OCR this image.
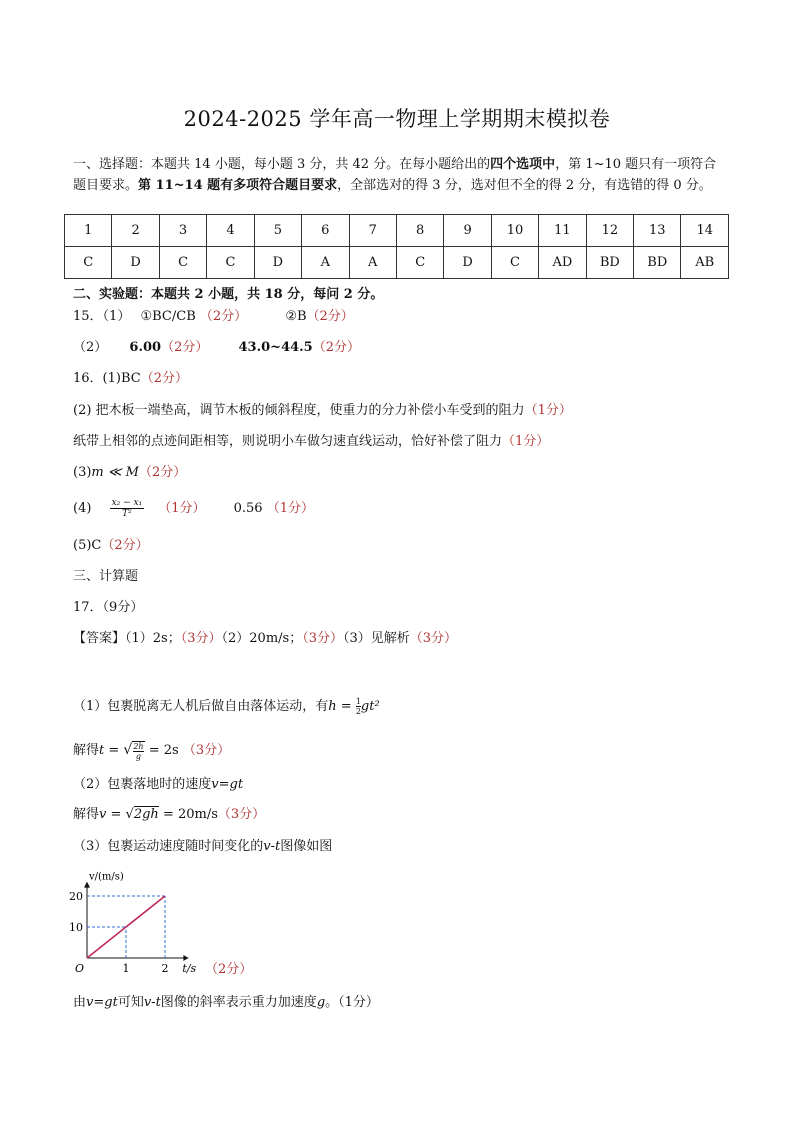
2024-2025 学年高一物理上学期期末模拟卷
一、选择题：本题共 14 小题，每小题 3 分，共 42 分。在每小题给出的四个选项中，第 1~10 题只有一项符合题目要求。第 11~14 题有多项符合题目要求，全部选对的得 3 分，选对但不全的得 2 分，有选错的得 0 分。
1	2	3	4	5	6	7	8	9	10	11	12	13	14
C	D	C	C	D	A	A	C	D	C	AD	BD	BD	AB
二、实验题：本题共 2 小题，共 18 分，每问 2 分。
15．（1） ①BC/CB （2分）	②B（2分）
（2） 6.00（2分） 43.0~44.5（2分）
16．(1)BC（2分）
(2) 把木板一端垫高，调节木板的倾斜程度，使重力的分力补偿小车受到的阻力（1分）
纸带上相邻的点迹间距相等，则说明小车做匀速直线运动，恰好补偿了阻力（1分）
(3)m ≪ M（2分）
$(4) \frac{\text{x₂ − x₁}}{\text{T²}} (1$分） 0.56 （1分）
(5)C（2分）
三、计算题
17．（9分）
【答案】（1）2s；（3分）（2）20m/s；（3分）（3）见解析（3分）
（1）包裹脱离无人机后做自由落体运动，有$h = \frac{1}{2} gt^2$
解得t = √ $\frac{2h}{g} = 2s$ （3分）
（2）包裹落地时的速度v=gt
解得v = √2gh = 20m/s（3分）
（3）包裹运动速度随时间变化的v-t图像如图
1	2
10
20
O	t/s
v/(m/s)
（2分）
由v=gt可知v-t图像的斜率表示重力加速度g。（1分）
